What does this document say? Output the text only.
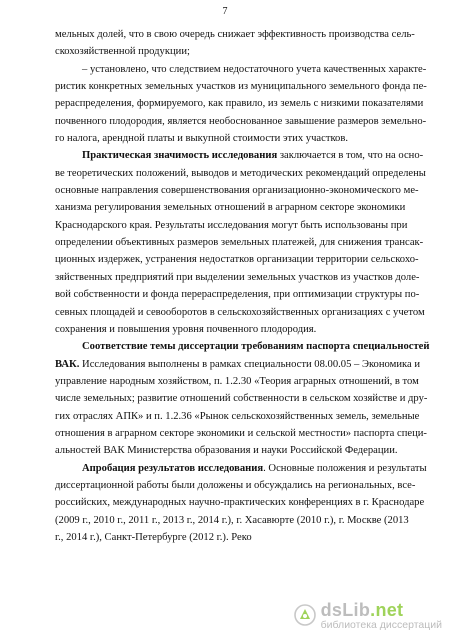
7
мельных долей, что в свою очередь снижает эффективность производства сель-
скохозяйственной продукции;
– установлено, что следствием недостаточного учета качественных характе-
ристик конкретных земельных участков из муниципального земельного фонда пе-
рераспределения, формируемого, как правило, из земель с низкими показателями
почвенного плодородия, является необоснованное завышение размеров земельно-
го налога, арендной платы и выкупной стоимости этих участков.
Практическая значимость исследования заключается в том, что на осно-
ве теоретических положений, выводов и методических рекомендаций определены
основные направления совершенствования организационно-экономического ме-
ханизма регулирования земельных отношений в аграрном секторе экономики
Краснодарского края. Результаты исследования могут быть использованы при
определении объективных размеров земельных платежей, для снижения трансак-
ционных издержек, устранения недостатков организации территории сельскохо-
зяйственных предприятий при выделении земельных участков из участков доле-
вой собственности и фонда перераспределения, при оптимизации структуры по-
севных площадей и севооборотов в сельскохозяйственных организациях с учетом
сохранения и повышения уровня почвенного плодородия.
Соответствие темы диссертации требованиям паспорта специальностей
ВАК. Исследования выполнены в рамках специальности 08.00.05 – Экономика и
управление народным хозяйством, п. 1.2.30 «Теория аграрных отношений, в том
числе земельных; развитие отношений собственности в сельском хозяйстве и дру-
гих отраслях АПК» и п. 1.2.36 «Рынок сельскохозяйственных земель, земельные
отношения в аграрном секторе экономики и сельской местности» паспорта специ-
альностей ВАК Министерства образования и науки Российской Федерации.
Апробация результатов исследования. Основные положения и результаты
диссертационной работы были доложены и обсуждались на региональных, все-
российских, международных научно-практических конференциях в г. Краснодаре
(2009 г., 2010 г., 2011 г., 2013 г., 2014 г.), г. Хасавюрте (2010 г.), г. Москве (2013
г., 2014 г.), Санкт-Петербурге (2012 г.). Реко
dsLib.net
библиотека диссертаций
